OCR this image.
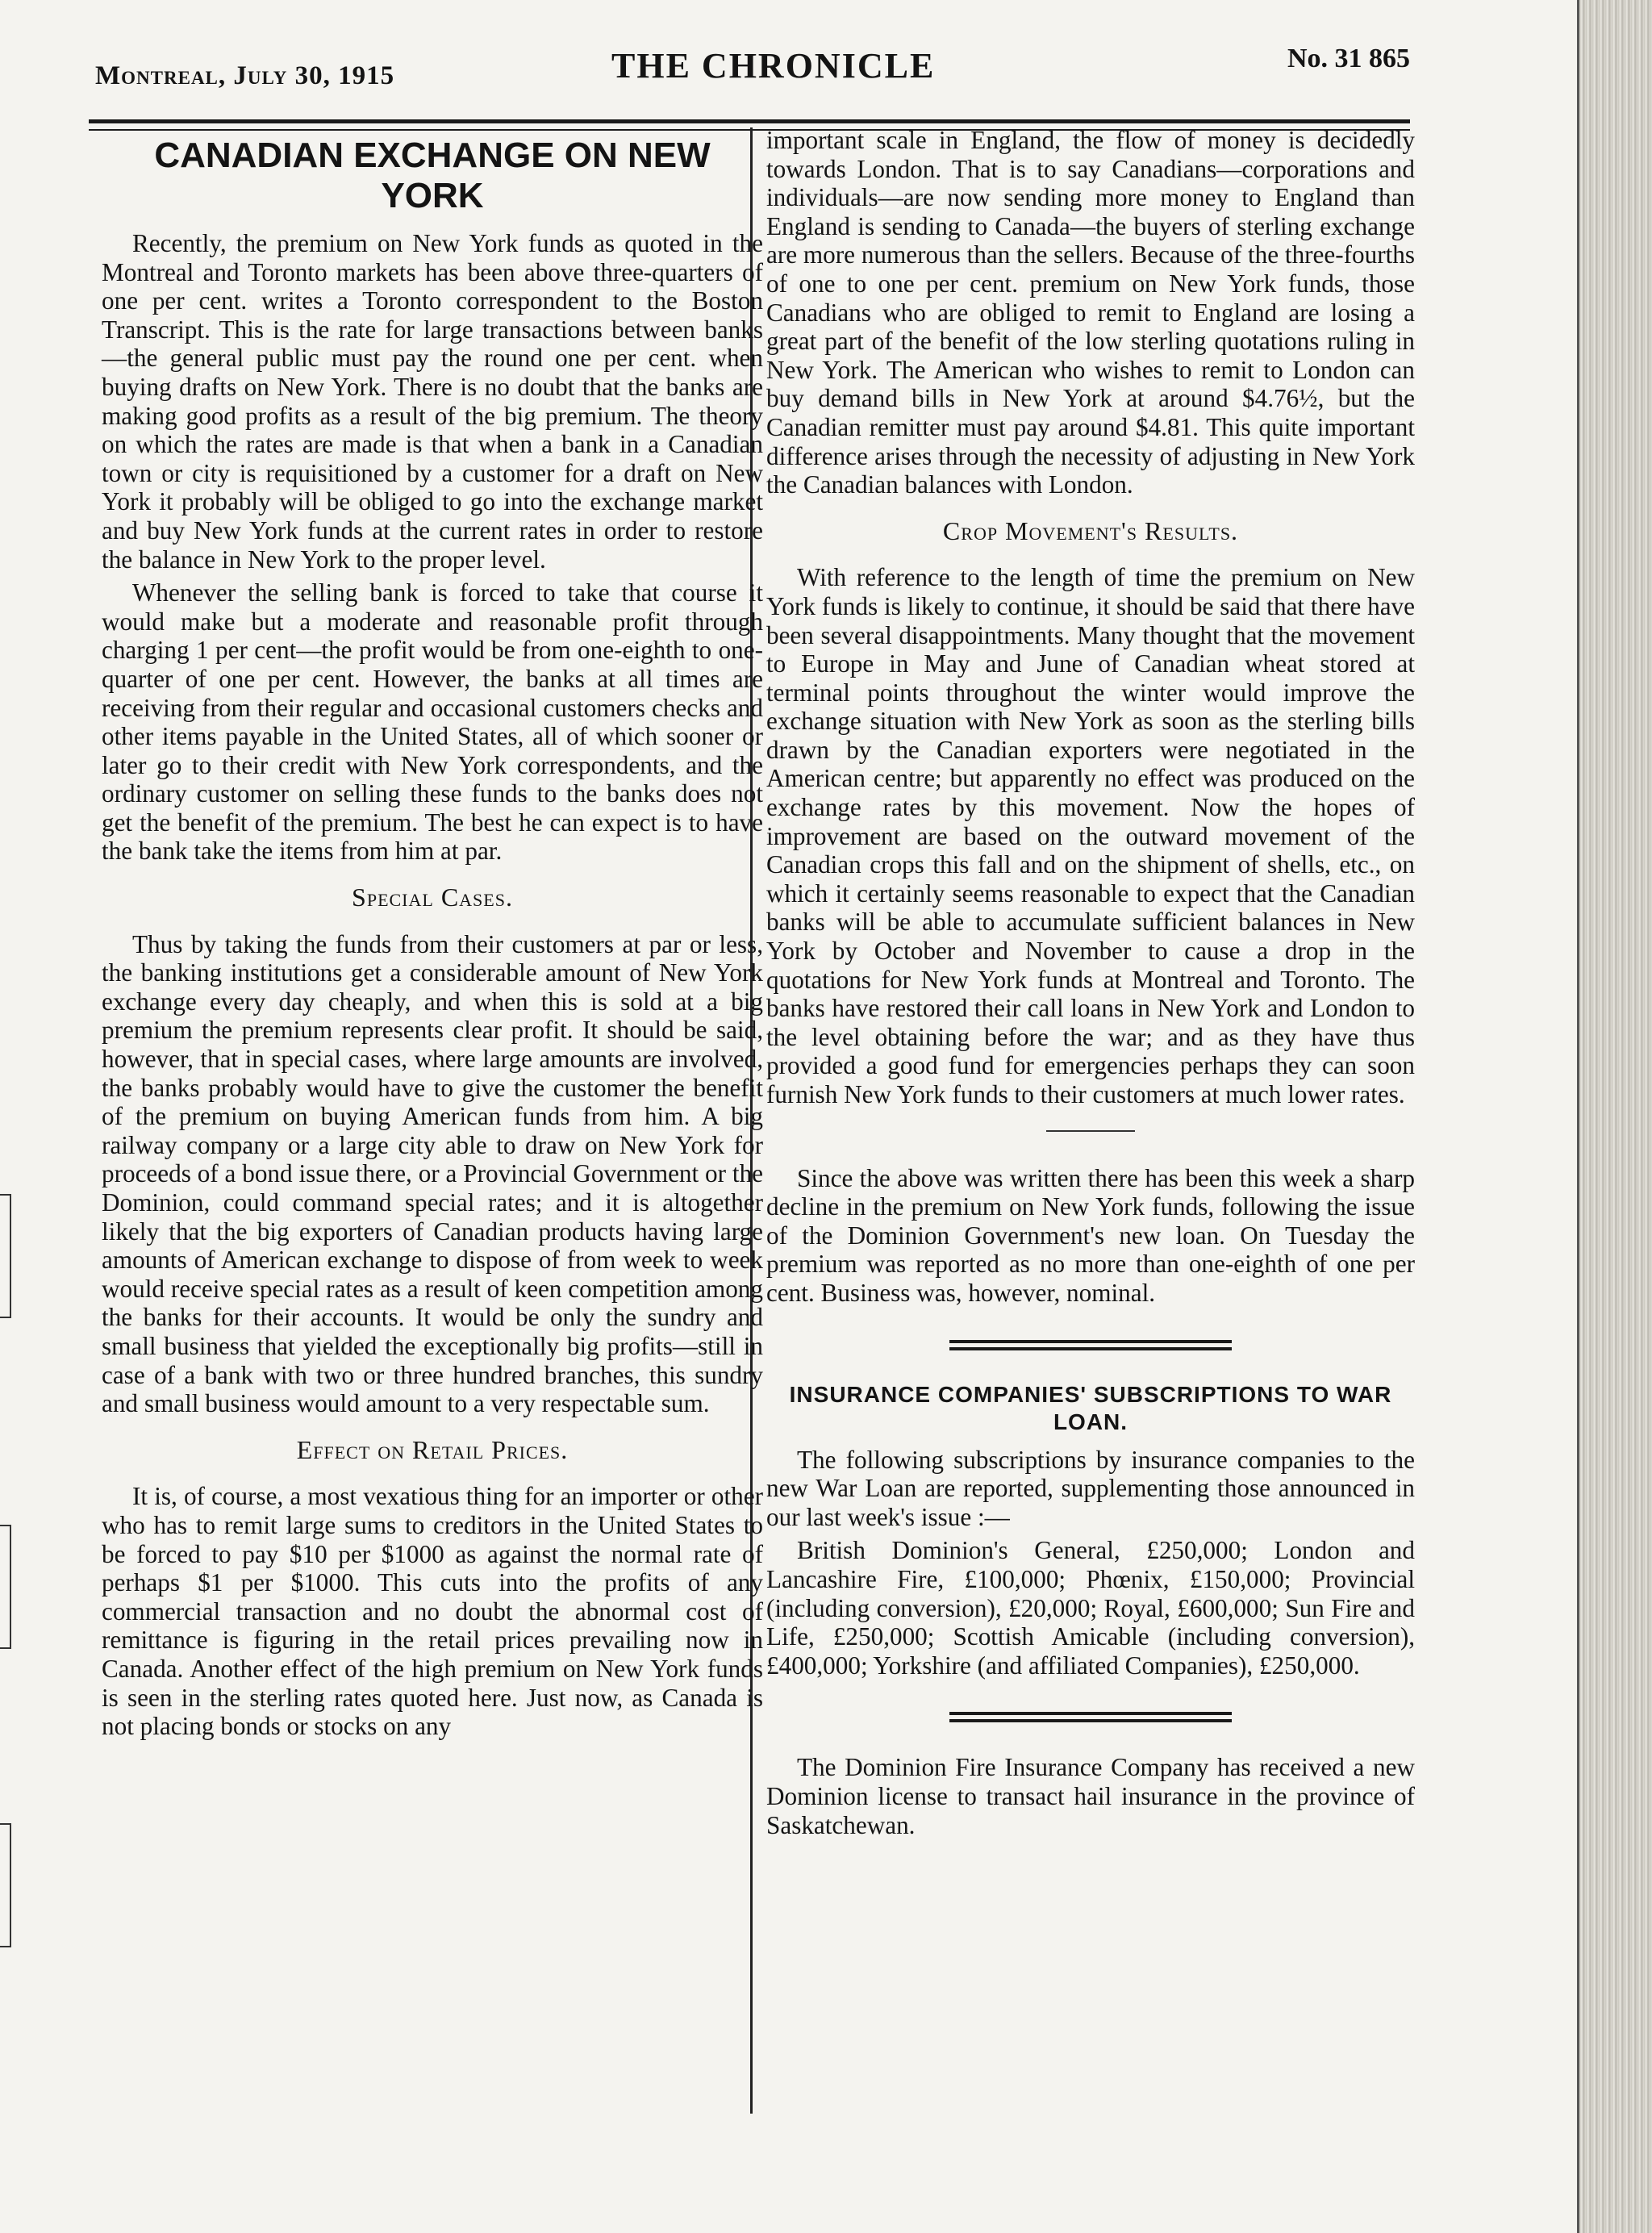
Montreal, July 30, 1915	THE CHRONICLE	No. 31 865
CANADIAN EXCHANGE ON NEW YORK

Recently, the premium on New York funds as quoted in the Montreal and Toronto markets has been above three-quarters of one per cent. writes a Toronto correspondent to the Boston Transcript. This is the rate for large transactions between banks—the general public must pay the round one per cent. when buying drafts on New York. There is no doubt that the banks are making good profits as a result of the big premium. The theory on which the rates are made is that when a bank in a Canadian town or city is requisitioned by a customer for a draft on New York it probably will be obliged to go into the exchange market and buy New York funds at the current rates in order to restore the balance in New York to the proper level.

Whenever the selling bank is forced to take that course it would make but a moderate and reasonable profit through charging 1 per cent—the profit would be from one-eighth to one-quarter of one per cent. However, the banks at all times are receiving from their regular and occasional customers checks and other items payable in the United States, all of which sooner or later go to their credit with New York correspondents, and the ordinary customer on selling these funds to the banks does not get the benefit of the premium. The best he can expect is to have the bank take the items from him at par.

Special Cases.

Thus by taking the funds from their customers at par or less, the banking institutions get a considerable amount of New York exchange every day cheaply, and when this is sold at a big premium the premium represents clear profit. It should be said, however, that in special cases, where large amounts are involved, the banks probably would have to give the customer the benefit of the premium on buying American funds from him. A big railway company or a large city able to draw on New York for proceeds of a bond issue there, or a Provincial Government or the Dominion, could command special rates; and it is altogether likely that the big exporters of Canadian products having large amounts of American exchange to dispose of from week to week would receive special rates as a result of keen competition among the banks for their accounts. It would be only the sundry and small business that yielded the exceptionally big profits—still in case of a bank with two or three hundred branches, this sundry and small business would amount to a very respectable sum.

Effect on Retail Prices.

It is, of course, a most vexatious thing for an importer or other who has to remit large sums to creditors in the United States to be forced to pay $10 per $1000 as against the normal rate of perhaps $1 per $1000. This cuts into the profits of any commercial transaction and no doubt the abnormal cost of remittance is figuring in the retail prices prevailing now in Canada. Another effect of the high premium on New York funds is seen in the sterling rates quoted here. Just now, as Canada is not placing bonds or stocks on any

important scale in England, the flow of money is decidedly towards London. That is to say Canadians—corporations and individuals—are now sending more money to England than England is sending to Canada—the buyers of sterling exchange are more numerous than the sellers. Because of the three-fourths of one to one per cent. premium on New York funds, those Canadians who are obliged to remit to England are losing a great part of the benefit of the low sterling quotations ruling in New York. The American who wishes to remit to London can buy demand bills in New York at around $4.76½, but the Canadian remitter must pay around $4.81. This quite important difference arises through the necessity of adjusting in New York the Canadian balances with London.

Crop Movement's Results.

With reference to the length of time the premium on New York funds is likely to continue, it should be said that there have been several disappointments. Many thought that the movement to Europe in May and June of Canadian wheat stored at terminal points throughout the winter would improve the exchange situation with New York as soon as the sterling bills drawn by the Canadian exporters were negotiated in the American centre; but apparently no effect was produced on the exchange rates by this movement. Now the hopes of improvement are based on the outward movement of the Canadian crops this fall and on the shipment of shells, etc., on which it certainly seems reasonable to expect that the Canadian banks will be able to accumulate sufficient balances in New York by October and November to cause a drop in the quotations for New York funds at Montreal and Toronto. The banks have restored their call loans in New York and London to the level obtaining before the war; and as they have thus provided a good fund for emergencies perhaps they can soon furnish New York funds to their customers at much lower rates.

Since the above was written there has been this week a sharp decline in the premium on New York funds, following the issue of the Dominion Government's new loan. On Tuesday the premium was reported as no more than one-eighth of one per cent. Business was, however, nominal.

INSURANCE COMPANIES' SUBSCRIPTIONS TO WAR LOAN.

The following subscriptions by insurance companies to the new War Loan are reported, supplementing those announced in our last week's issue :—

British Dominion's General, £250,000; London and Lancashire Fire, £100,000; Phœnix, £150,000; Provincial (including conversion), £20,000; Royal, £600,000; Sun Fire and Life, £250,000; Scottish Amicable (including conversion), £400,000; Yorkshire (and affiliated Companies), £250,000.

The Dominion Fire Insurance Company has received a new Dominion license to transact hail insurance in the province of Saskatchewan.
